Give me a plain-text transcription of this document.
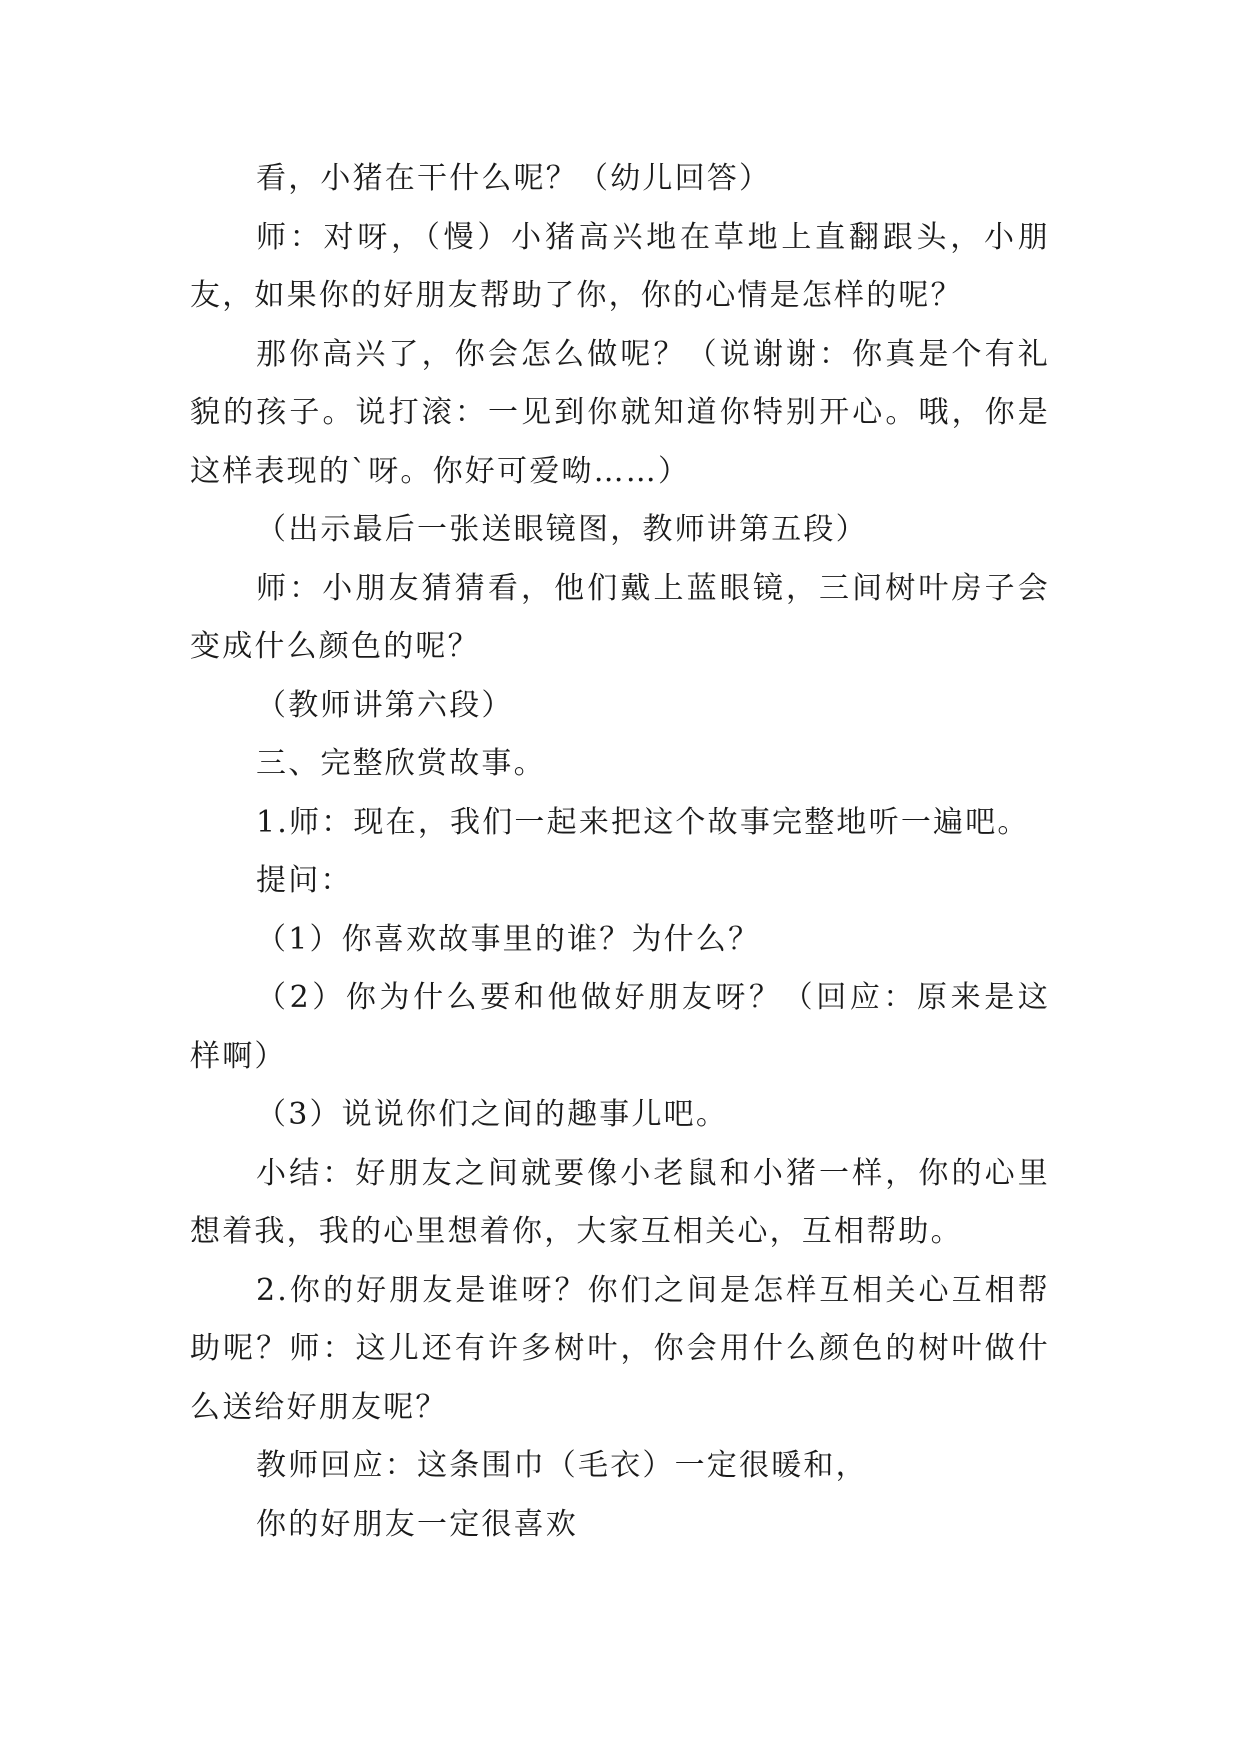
看，小猪在干什么呢？（幼儿回答）

师：对呀，（慢）小猪高兴地在草地上直翻跟头，小朋友，如果你的好朋友帮助了你，你的心情是怎样的呢？

那你高兴了，你会怎么做呢？（说谢谢：你真是个有礼貌的孩子。说打滚：一见到你就知道你特别开心。哦，你是这样表现的`呀。你好可爱呦……）

（出示最后一张送眼镜图，教师讲第五段）

师：小朋友猜猜看，他们戴上蓝眼镜，三间树叶房子会变成什么颜色的呢？

（教师讲第六段）

三、完整欣赏故事。

1.师：现在，我们一起来把这个故事完整地听一遍吧。

提问：

（1）你喜欢故事里的谁？为什么？

（2）你为什么要和他做好朋友呀？（回应：原来是这样啊）

（3）说说你们之间的趣事儿吧。

小结：好朋友之间就要像小老鼠和小猪一样，你的心里想着我，我的心里想着你，大家互相关心，互相帮助。

2.你的好朋友是谁呀？你们之间是怎样互相关心互相帮助呢？师：这儿还有许多树叶，你会用什么颜色的树叶做什么送给好朋友呢？

教师回应：这条围巾（毛衣）一定很暖和，

你的好朋友一定很喜欢
